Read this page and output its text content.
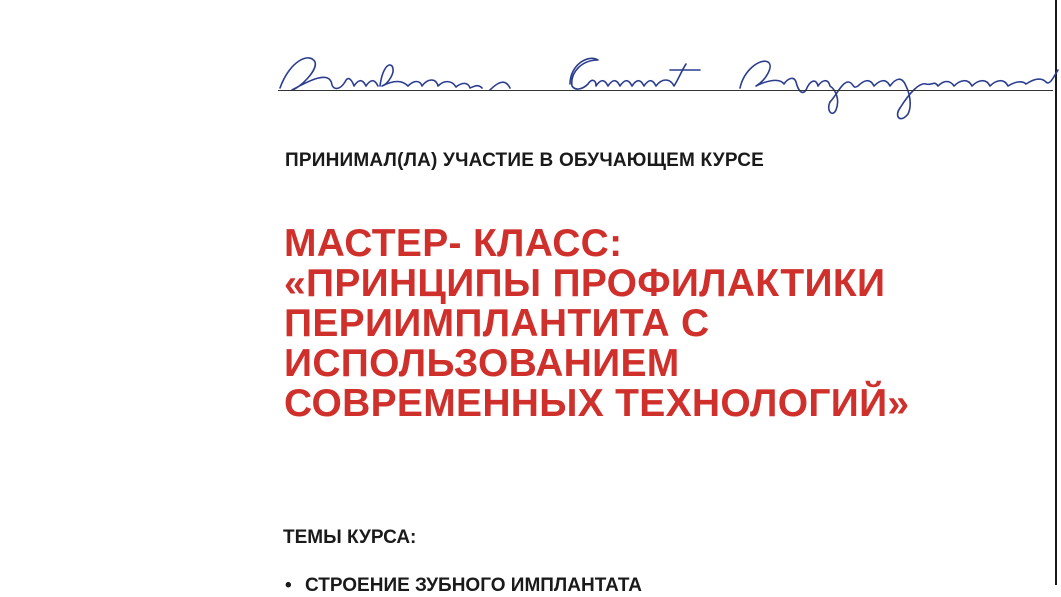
ПРИНИМАЛ(ЛА) УЧАСТИЕ В ОБУЧАЮЩЕМ КУРСЕ
МАСТЕР- КЛАСС:
«ПРИНЦИПЫ ПРОФИЛАКТИКИ
ПЕРИИМПЛАНТИТА С
ИСПОЛЬЗОВАНИЕМ
СОВРЕМЕННЫХ ТЕХНОЛОГИЙ»
ТЕМЫ КУРСА:
• СТРОЕНИЕ ЗУБНОГО ИМПЛАНТАТА
